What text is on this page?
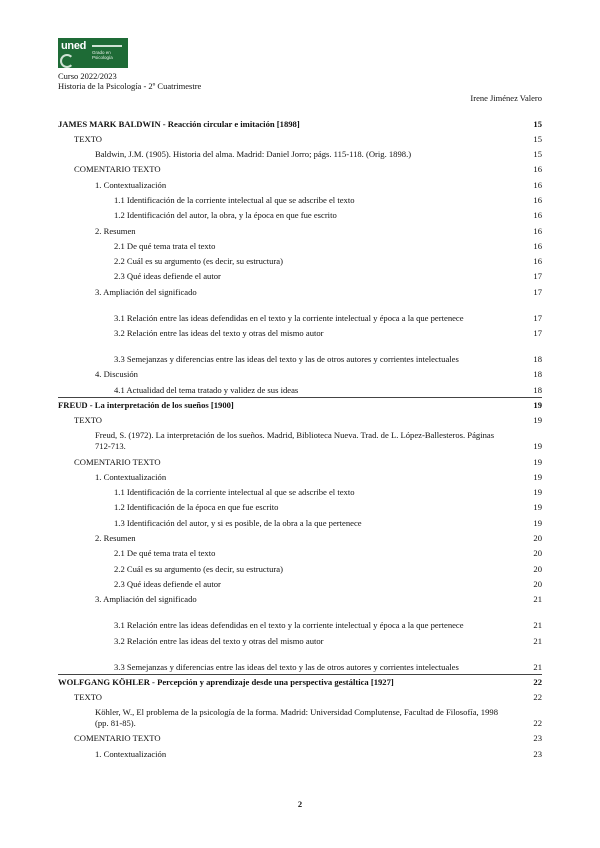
uned
Grado en Psicología
Curso 2022/2023
Historia de la Psicología - 2º Cuatrimestre
Irene Jiménez Valero
JAMES MARK BALDWIN - Reacción circular e imitación [1898]	15
TEXTO	15
Baldwin, J.M. (1905). Historia del alma. Madrid: Daniel Jorro; págs. 115-118. (Orig. 1898.)	15
COMENTARIO TEXTO	16
1. Contextualización	16
1.1 Identificación de la corriente intelectual al que se adscribe el texto	16
1.2 Identificación del autor, la obra, y la época en que fue escrito	16
2. Resumen	16
2.1 De qué tema trata el texto	16
2.2 Cuál es su argumento (es decir, su estructura)	16
2.3 Qué ideas defiende el autor	17
3. Ampliación del significado	17
3.1 Relación entre las ideas defendidas en el texto y la corriente intelectual y época a la que pertenece	17
3.2 Relación entre las ideas del texto y otras del mismo autor	17
3.3 Semejanzas y diferencias entre las ideas del texto y las de otros autores y corrientes intelectuales	18
4. Discusión	18
4.1 Actualidad del tema tratado y validez de sus ideas	18
FREUD - La interpretación de los sueños [1900]	19
TEXTO	19
Freud, S. (1972). La interpretación de los sueños. Madrid, Biblioteca Nueva. Trad. de L. López-Ballesteros. Páginas 712-713.	19
COMENTARIO TEXTO	19
1. Contextualización	19
1.1 Identificación de la corriente intelectual al que se adscribe el texto	19
1.2 Identificación de la época en que fue escrito	19
1.3 Identificación del autor, y si es posible, de la obra a la que pertenece	19
2. Resumen	20
2.1 De qué tema trata el texto	20
2.2 Cuál es su argumento (es decir, su estructura)	20
2.3 Qué ideas defiende el autor	20
3. Ampliación del significado	21
3.1 Relación entre las ideas defendidas en el texto y la corriente intelectual y época a la que pertenece	21
3.2 Relación entre las ideas del texto y otras del mismo autor	21
3.3 Semejanzas y diferencias entre las ideas del texto y las de otros autores y corrientes intelectuales	21
WOLFGANG KÖHLER - Percepción y aprendizaje desde una perspectiva gestáltica [1927]	22
TEXTO	22
Köhler, W., El problema de la psicología de la forma. Madrid: Universidad Complutense, Facultad de Filosofía, 1998 (pp. 81-85).	22
COMENTARIO TEXTO	23
1. Contextualización	23
2
